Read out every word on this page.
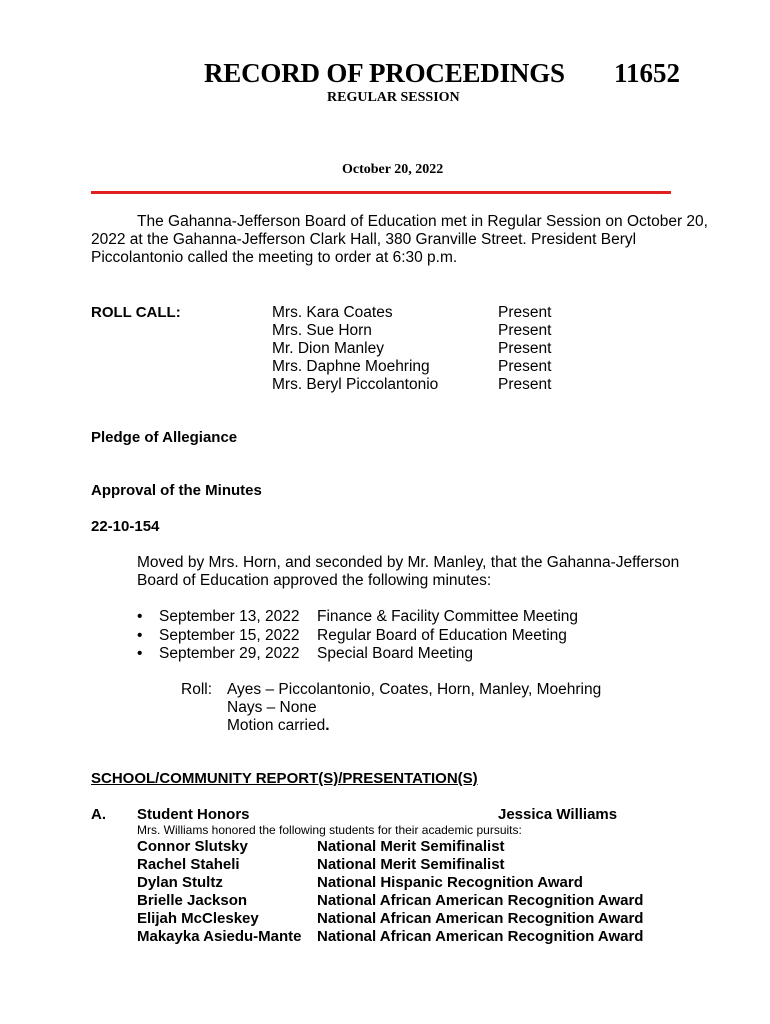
RECORD OF PROCEEDINGS 11652
REGULAR SESSION
October 20, 2022
The Gahanna-Jefferson Board of Education met in Regular Session on October 20, 2022 at the Gahanna-Jefferson Clark Hall, 380 Granville Street. President Beryl Piccolantonio called the meeting to order at 6:30 p.m.
ROLL CALL:	Mrs. Kara Coates
Mrs. Sue Horn
Mr. Dion Manley
Mrs. Daphne Moehring
Mrs. Beryl Piccolantonio
Present
Present
Present
Present
Present
Pledge of Allegiance
Approval of the Minutes
22-10-154
Moved by Mrs. Horn, and seconded by Mr. Manley, that the Gahanna-Jefferson
Board of Education approved the following minutes:
•
•
•
September 13, 2022
September 15, 2022
September 29, 2022
Finance & Facility Committee Meeting
Regular Board of Education Meeting
Special Board Meeting
Roll: Ayes – Piccolantonio, Coates, Horn, Manley, Moehring
Nays – None
Motion carried.
SCHOOL/COMMUNITY REPORT(S)/PRESENTATION(S)
A. Student Honors	Jessica Williams
Mrs. Williams honored the following students for their academic pursuits:
Connor Slutsky
Rachel Staheli
Dylan Stultz
Brielle Jackson
Elijah McCleskey
Makayka Asiedu-Mante
National Merit Semifinalist
National Merit Semifinalist
National Hispanic Recognition Award
National African American Recognition Award
National African American Recognition Award
National African American Recognition Award
